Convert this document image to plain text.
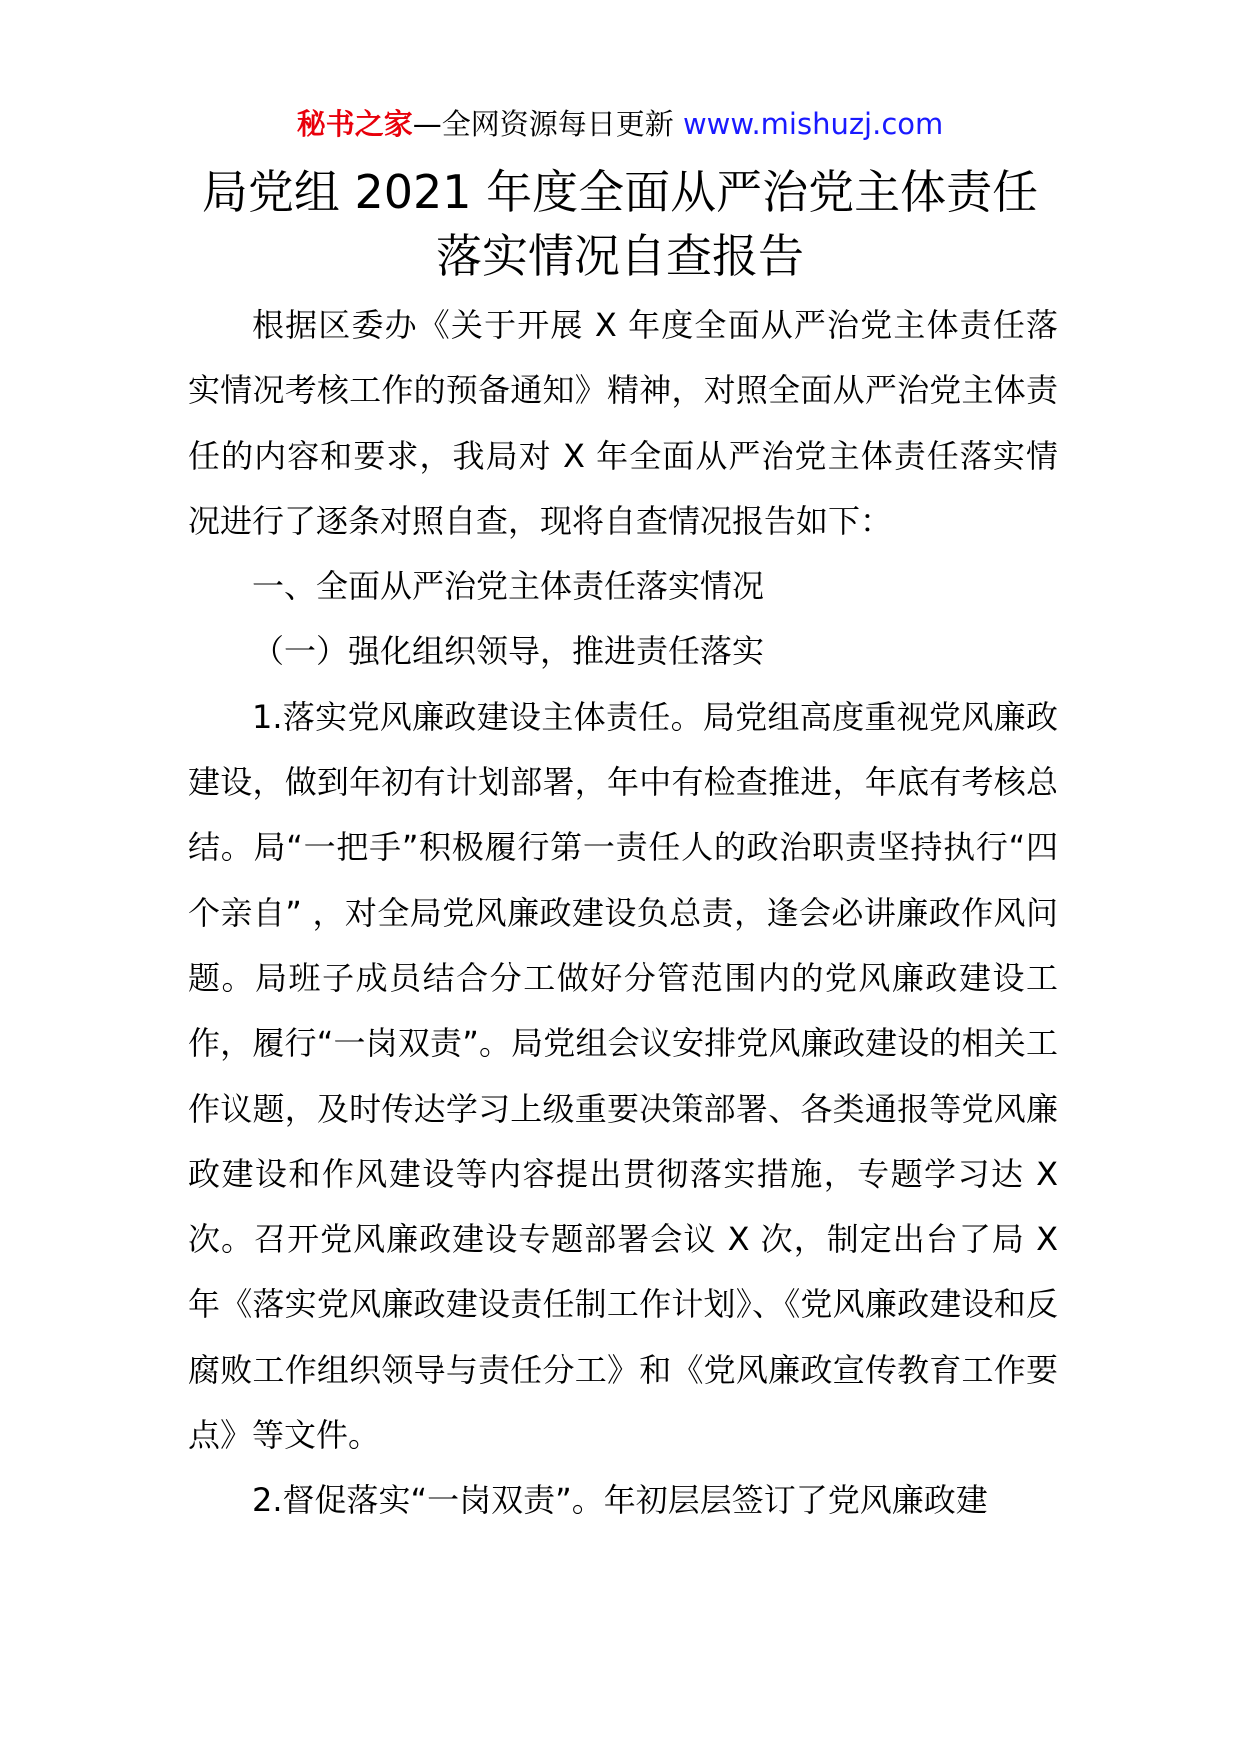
秘书之家—全网资源每日更新 www.mishuzj.com
局党组 2021 年度全面从严治党主体责任
落实情况自查报告

根据区委办《关于开展 X 年度全面从严治党主体责任落实情况考核工作的预备通知》精神，对照全面从严治党主体责任的内容和要求，我局对 X 年全面从严治党主体责任落实情况进行了逐条对照自查，现将自查情况报告如下：

一、全面从严治党主体责任落实情况

（一）强化组织领导，推进责任落实

1.落实党风廉政建设主体责任。局党组高度重视党风廉政建设，做到年初有计划部署，年中有检查推进，年底有考核总结。局“一把手”积极履行第一责任人的政治职责坚持执行“四个亲自” ，对全局党风廉政建设负总责，逢会必讲廉政作风问题。局班子成员结合分工做好分管范围内的党风廉政建设工作，履行“一岗双责”。局党组会议安排党风廉政建设的相关工作议题，及时传达学习上级重要决策部署、各类通报等党风廉政建设和作风建设等内容提出贯彻落实措施，专题学习达 X 次。召开党风廉政建设专题部署会议 X 次，制定出台了局 X 年《落实党风廉政建设责任制工作计划》、《党风廉政建设和反腐败工作组织领导与责任分工》和《党风廉政宣传教育工作要点》等文件。

2.督促落实“一岗双责”。年初层层签订了党风廉政建
